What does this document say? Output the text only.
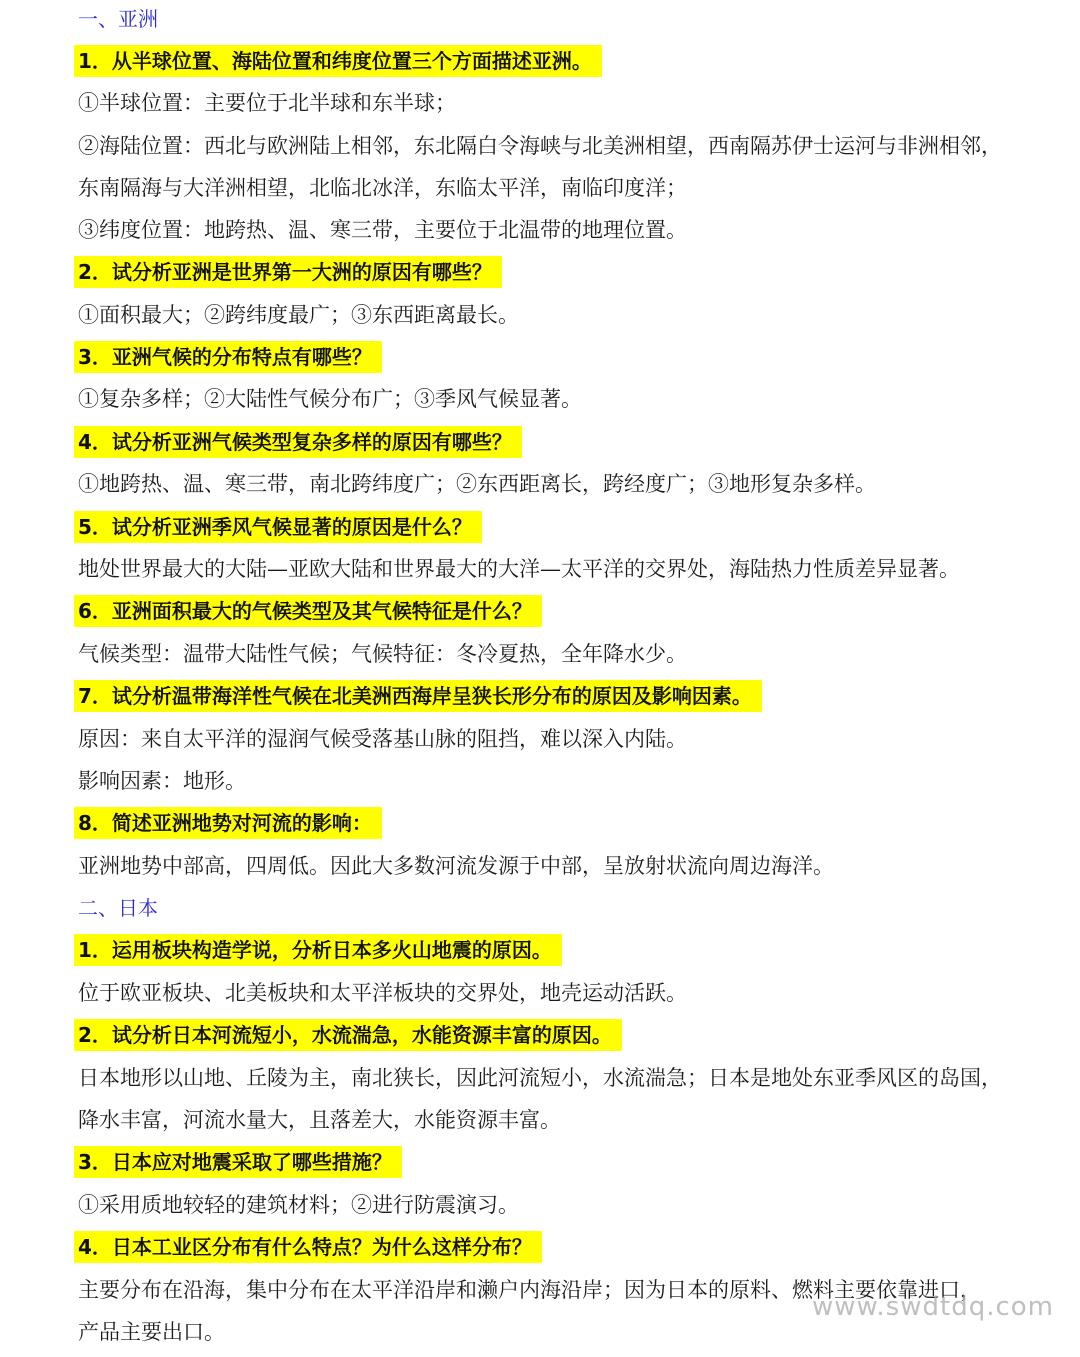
一、亚洲
1．从半球位置、海陆位置和纬度位置三个方面描述亚洲。
①半球位置：主要位于北半球和东半球；
②海陆位置：西北与欧洲陆上相邻，东北隔白令海峡与北美洲相望，西南隔苏伊士运河与非洲相邻，
东南隔海与大洋洲相望，北临北冰洋，东临太平洋，南临印度洋；
③纬度位置：地跨热、温、寒三带，主要位于北温带的地理位置。
2．试分析亚洲是世界第一大洲的原因有哪些？
①面积最大；②跨纬度最广；③东西距离最长。
3．亚洲气候的分布特点有哪些？
①复杂多样；②大陆性气候分布广；③季风气候显著。
4．试分析亚洲气候类型复杂多样的原因有哪些？
①地跨热、温、寒三带，南北跨纬度广；②东西距离长，跨经度广；③地形复杂多样。
5．试分析亚洲季风气候显著的原因是什么？
地处世界最大的大陆—亚欧大陆和世界最大的大洋—太平洋的交界处，海陆热力性质差异显著。
6．亚洲面积最大的气候类型及其气候特征是什么？
气候类型：温带大陆性气候；气候特征：冬冷夏热，全年降水少。
7．试分析温带海洋性气候在北美洲西海岸呈狭长形分布的原因及影响因素。
原因：来自太平洋的湿润气候受落基山脉的阻挡，难以深入内陆。
影响因素：地形。
8．简述亚洲地势对河流的影响：
亚洲地势中部高，四周低。因此大多数河流发源于中部，呈放射状流向周边海洋。
二、日本
1．运用板块构造学说，分析日本多火山地震的原因。
位于欧亚板块、北美板块和太平洋板块的交界处，地壳运动活跃。
2．试分析日本河流短小，水流湍急，水能资源丰富的原因。
日本地形以山地、丘陵为主，南北狭长，因此河流短小，水流湍急；日本是地处东亚季风区的岛国，
降水丰富，河流水量大，且落差大，水能资源丰富。
3．日本应对地震采取了哪些措施？
①采用质地较轻的建筑材料；②进行防震演习。
4．日本工业区分布有什么特点？为什么这样分布？
主要分布在沿海，集中分布在太平洋沿岸和濑户内海沿岸；因为日本的原料、燃料主要依靠进口，
产品主要出口。
www.swdtdq.com
